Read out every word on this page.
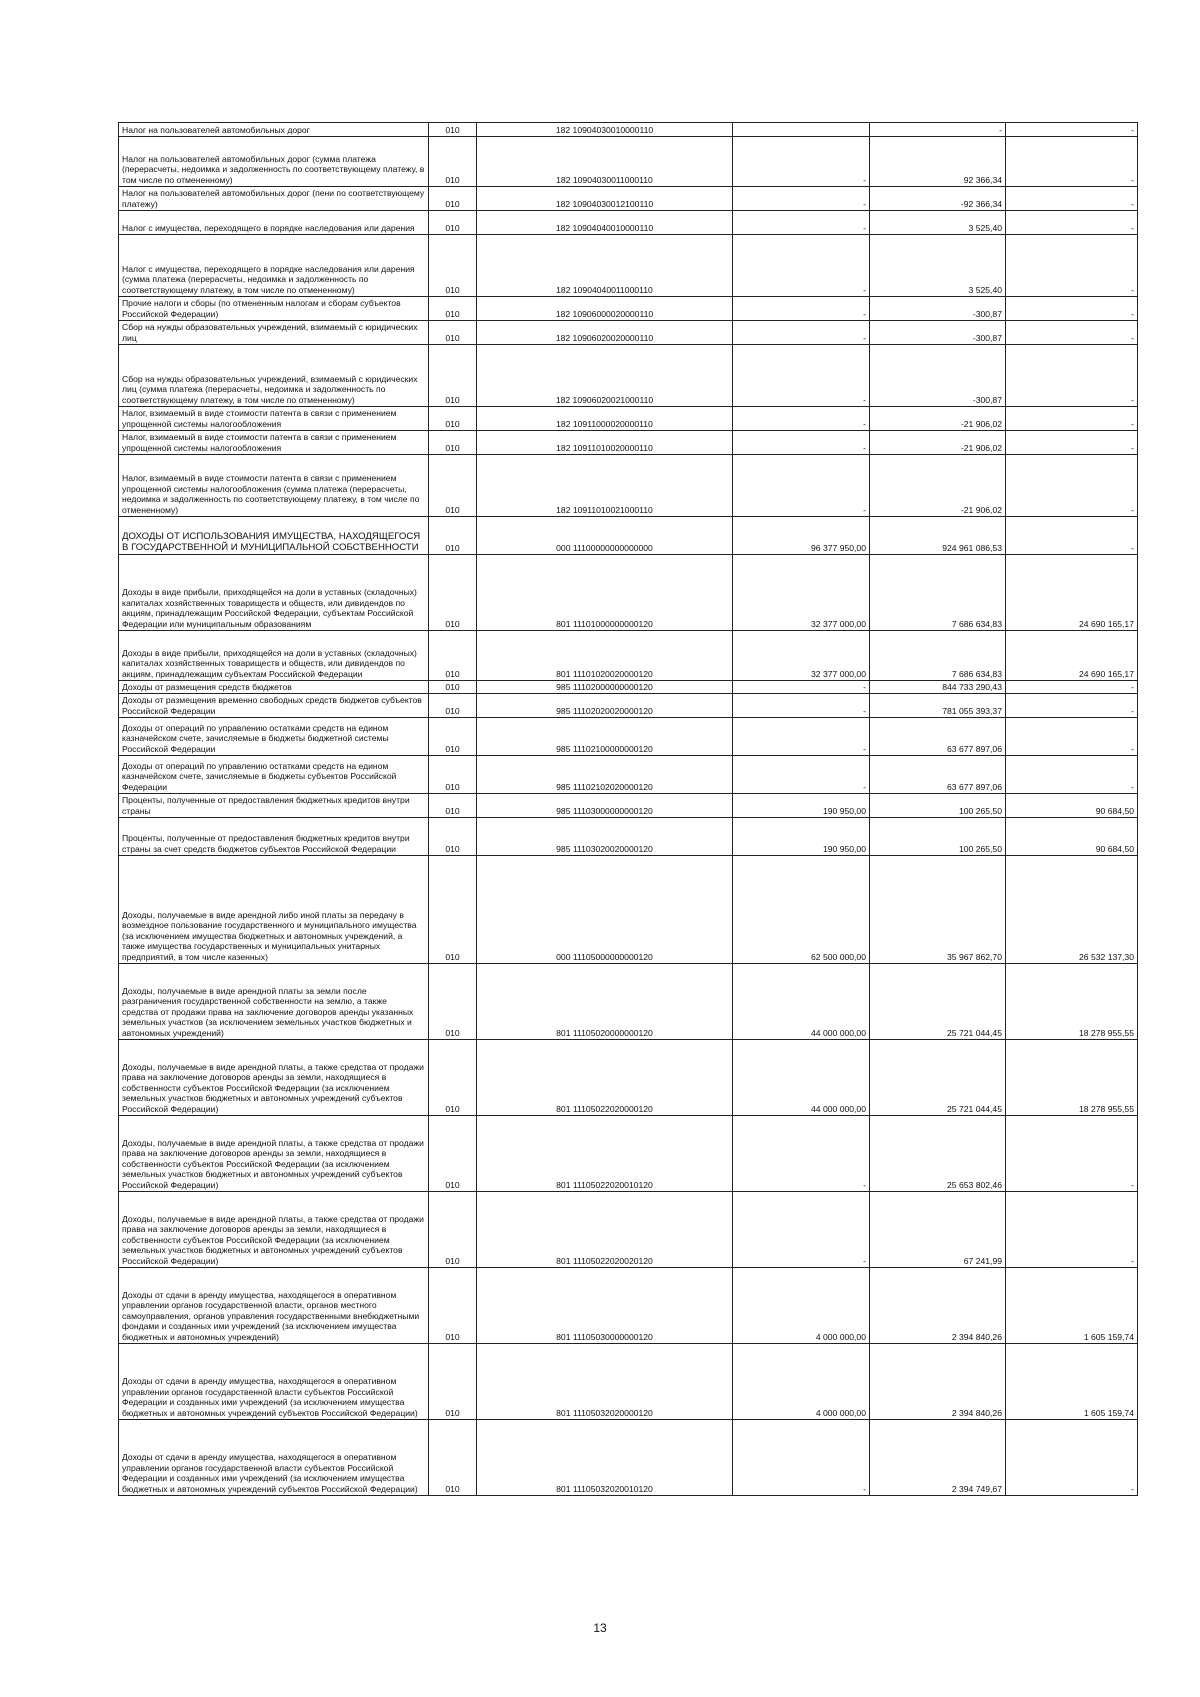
Налог на пользователей автомобильных дорог	010	182 10904030010000110		-	-
Налог на пользователей автомобильных дорог (сумма платежа (перерасчеты, недоимка и задолженность по соответствующему платежу, в том числе по отмененному)	010	182 10904030011000110	-	92 366,34	-
Налог на пользователей автомобильных дорог (пени по соответствующему платежу)	010	182 10904030012100110	-	-92 366,34	-
Налог с имущества, переходящего в порядке наследования или дарения	010	182 10904040010000110	-	3 525,40	-
Налог с имущества, переходящего в порядке наследования или дарения (сумма платежа (перерасчеты, недоимка и задолженность по соответствующему платежу, в том числе по отмененному)	010	182 10904040011000110	-	3 525,40	-
Прочие налоги и сборы (по отмененным налогам и сборам субъектов Российской Федерации)	010	182 10906000020000110	-	-300,87	-
Сбор на нужды образовательных учреждений, взимаемый с юридических лиц	010	182 10906020020000110	-	-300,87	-
Сбор на нужды образовательных учреждений, взимаемый с юридических лиц (сумма платежа (перерасчеты, недоимка и задолженность по соответствующему платежу, в том числе по отмененному)	010	182 10906020021000110	-	-300,87	-
Налог, взимаемый в виде стоимости патента в связи с применением упрощенной системы налогообложения	010	182 10911000020000110	-	-21 906,02	-
Налог, взимаемый в виде стоимости патента в связи с применением упрощенной системы налогообложения	010	182 10911010020000110	-	-21 906,02	-
Налог, взимаемый в виде стоимости патента в связи с применением упрощенной системы налогообложения (сумма платежа (перерасчеты, недоимка и задолженность по соответствующему платежу, в том числе по отмененному)	010	182 10911010021000110	-	-21 906,02	-
ДОХОДЫ ОТ ИСПОЛЬЗОВАНИЯ ИМУЩЕСТВА, НАХОДЯЩЕГОСЯ В ГОСУДАРСТВЕННОЙ И МУНИЦИПАЛЬНОЙ СОБСТВЕННОСТИ	010	000 11100000000000000	96 377 950,00	924 961 086,53	-
Доходы в виде прибыли, приходящейся на доли в уставных (складочных) капиталах хозяйственных товариществ и обществ, или дивидендов по акциям, принадлежащим Российской Федерации, субъектам Российской Федерации или муниципальным образованиям	010	801 11101000000000120	32 377 000,00	7 686 634,83	24 690 165,17
Доходы в виде прибыли, приходящейся на доли в уставных (складочных) капиталах хозяйственных товариществ и обществ, или дивидендов по акциям, принадлежащим субъектам Российской Федерации	010	801 11101020020000120	32 377 000,00	7 686 634,83	24 690 165,17
Доходы от размещения средств бюджетов	010	985 11102000000000120	-	844 733 290,43	-
Доходы от размещения временно свободных средств бюджетов субъектов Российской Федерации	010	985 11102020020000120	-	781 055 393,37	-
Доходы от операций по управлению остатками средств на едином казначейском счете, зачисляемые в бюджеты бюджетной системы Российской Федерации	010	985 11102100000000120	-	63 677 897,06	-
Доходы от операций по управлению остатками средств на едином казначейском счете, зачисляемые в бюджеты субъектов Российской Федерации	010	985 11102102020000120	-	63 677 897,06	-
Проценты, полученные от предоставления бюджетных кредитов внутри страны	010	985 11103000000000120	190 950,00	100 265,50	90 684,50
Проценты, полученные от предоставления бюджетных кредитов внутри страны за счет средств бюджетов субъектов Российской Федерации	010	985 11103020020000120	190 950,00	100 265,50	90 684,50
Доходы, получаемые в виде арендной либо иной платы за передачу в возмездное пользование государственного и муниципального имущества (за исключением имущества бюджетных и автономных учреждений, а также имущества государственных и муниципальных унитарных предприятий, в том числе казенных)	010	000 11105000000000120	62 500 000,00	35 967 862,70	26 532 137,30
Доходы, получаемые в виде арендной платы за земли после разграничения государственной собственности на землю, а также средства от продажи права на заключение договоров аренды указанных земельных участков (за исключением земельных участков бюджетных и автономных учреждений)	010	801 11105020000000120	44 000 000,00	25 721 044,45	18 278 955,55
Доходы, получаемые в виде арендной платы, а также средства от продажи права на заключение договоров аренды за земли, находящиеся в собственности субъектов Российской Федерации (за исключением земельных участков бюджетных и автономных учреждений субъектов Российской Федерации)	010	801 11105022020000120	44 000 000,00	25 721 044,45	18 278 955,55
Доходы, получаемые в виде арендной платы, а также средства от продажи права на заключение договоров аренды за земли, находящиеся в собственности субъектов Российской Федерации (за исключением земельных участков бюджетных и автономных учреждений субъектов Российской Федерации)	010	801 11105022020010120	-	25 653 802,46	-
Доходы, получаемые в виде арендной платы, а также средства от продажи права на заключение договоров аренды за земли, находящиеся в собственности субъектов Российской Федерации (за исключением земельных участков бюджетных и автономных учреждений субъектов Российской Федерации)	010	801 11105022020020120	-	67 241,99	-
Доходы от сдачи в аренду имущества, находящегося в оперативном управлении органов государственной власти, органов местного самоуправления, органов управления государственными внебюджетными фондами и созданных ими учреждений (за исключением имущества бюджетных и автономных учреждений)	010	801 11105030000000120	4 000 000,00	2 394 840,26	1 605 159,74
Доходы от сдачи в аренду имущества, находящегося в оперативном управлении органов государственной власти субъектов Российской Федерации и созданных ими учреждений (за исключением имущества бюджетных и автономных учреждений субъектов Российской Федерации)	010	801 11105032020000120	4 000 000,00	2 394 840,26	1 605 159,74
Доходы от сдачи в аренду имущества, находящегося в оперативном управлении органов государственной власти субъектов Российской Федерации и созданных ими учреждений (за исключением имущества бюджетных и автономных учреждений субъектов Российской Федерации)	010	801 11105032020010120	-	2 394 749,67	-
13
